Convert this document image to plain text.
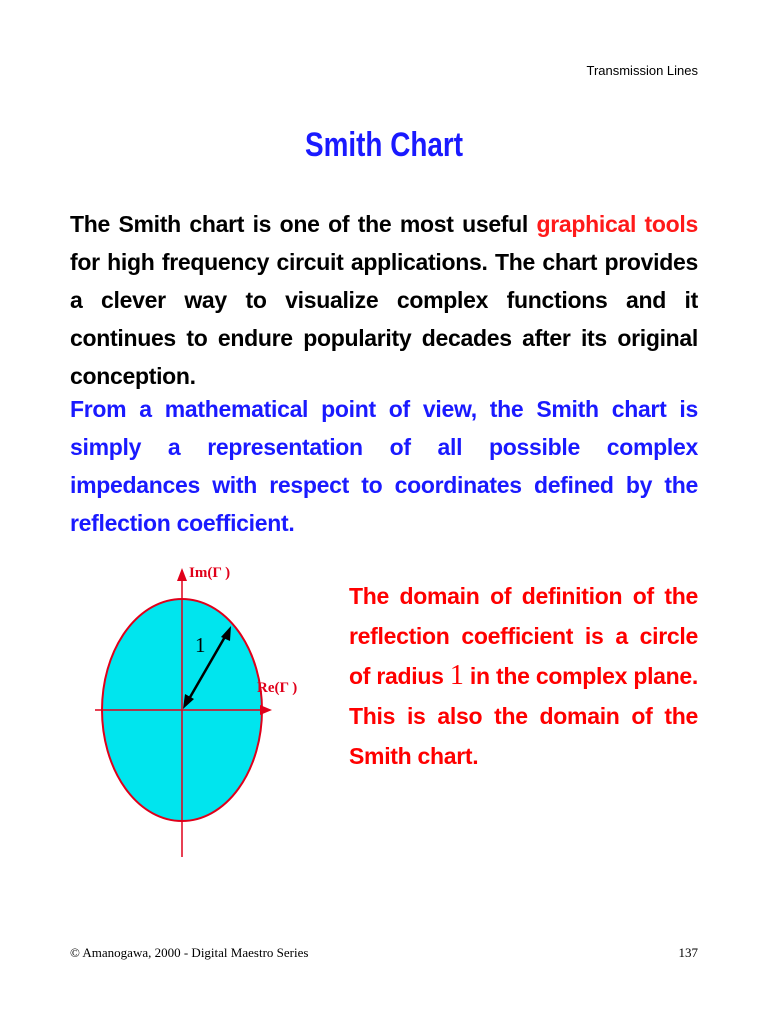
Transmission Lines
Smith Chart
The Smith chart is one of the most useful graphical tools for high frequency circuit applications. The chart provides a clever way to visualize complex functions and it continues to endure popularity decades after its original conception.
From a mathematical point of view, the Smith chart is simply a representation of all possible complex impedances with respect to coordinates defined by the reflection coefficient.
Im(Γ )
Re(Γ )
1
The domain of definition of the reflection coefficient is a circle of radius 1 in the complex plane. This is also the domain of the Smith chart.
© Amanogawa, 2000 - Digital Maestro Series	137
